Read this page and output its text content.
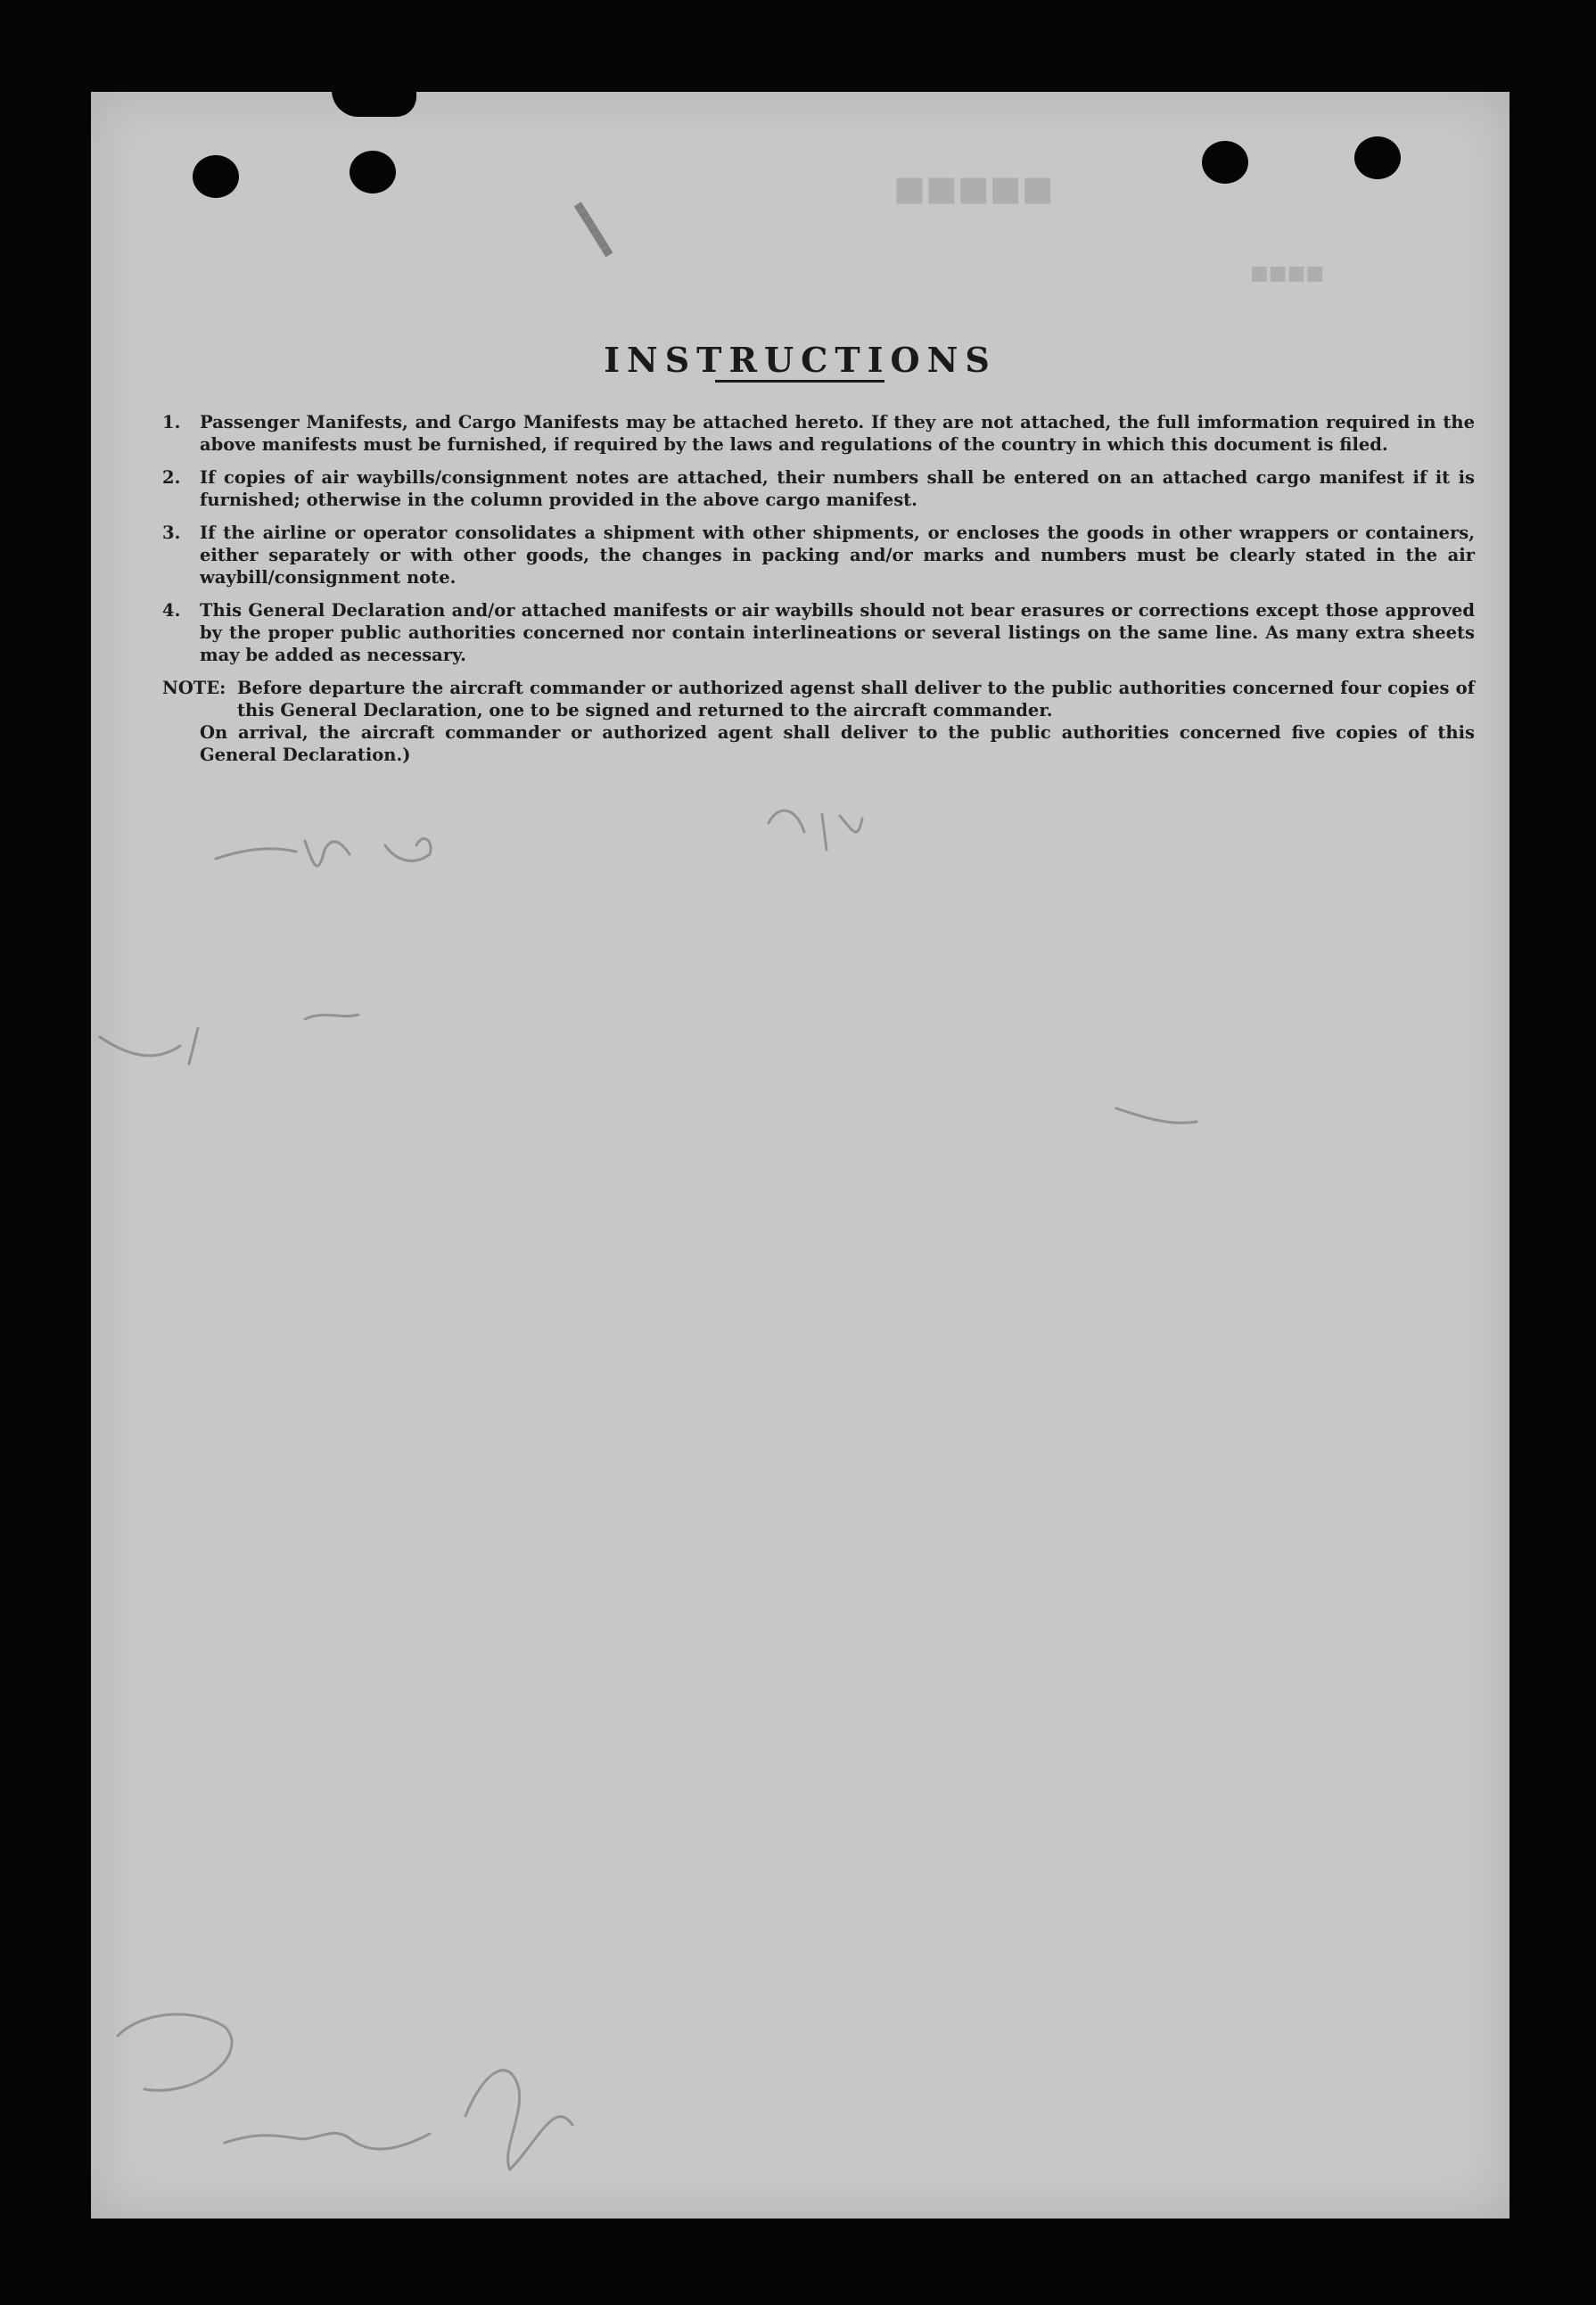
■■■■■■■
■■■■■
■■■■
INSTRUCTIONS
1.	Passenger Manifests, and Cargo Manifests may be attached hereto. If they are not attached, the full imformation required in the above manifests must be furnished, if required by the laws and regulations of the country in which this document is filed.
2.	If copies of air waybills/consignment notes are attached, their numbers shall be entered on an attached cargo manifest if it is furnished; otherwise in the column provided in the above cargo manifest.
3.	If the airline or operator consolidates a shipment with other shipments, or encloses the goods in other wrappers or containers, either separately or with other goods, the changes in packing and/or marks and numbers must be clearly stated in the air waybill/consignment note.
4.	This General Declaration and/or attached manifests or air waybills should not bear erasures or corrections except those approved by the proper public authorities concerned nor contain interlineations or several listings on the same line. As many extra sheets may be added as necessary.
NOTE: Before departure the aircraft commander or authorized agenst shall deliver to the public authorities concerned four copies of this General Declaration, one to be signed and returned to the aircraft commander.
On arrival, the aircraft commander or authorized agent shall deliver to the public authorities concerned five copies of this General Declaration.)
